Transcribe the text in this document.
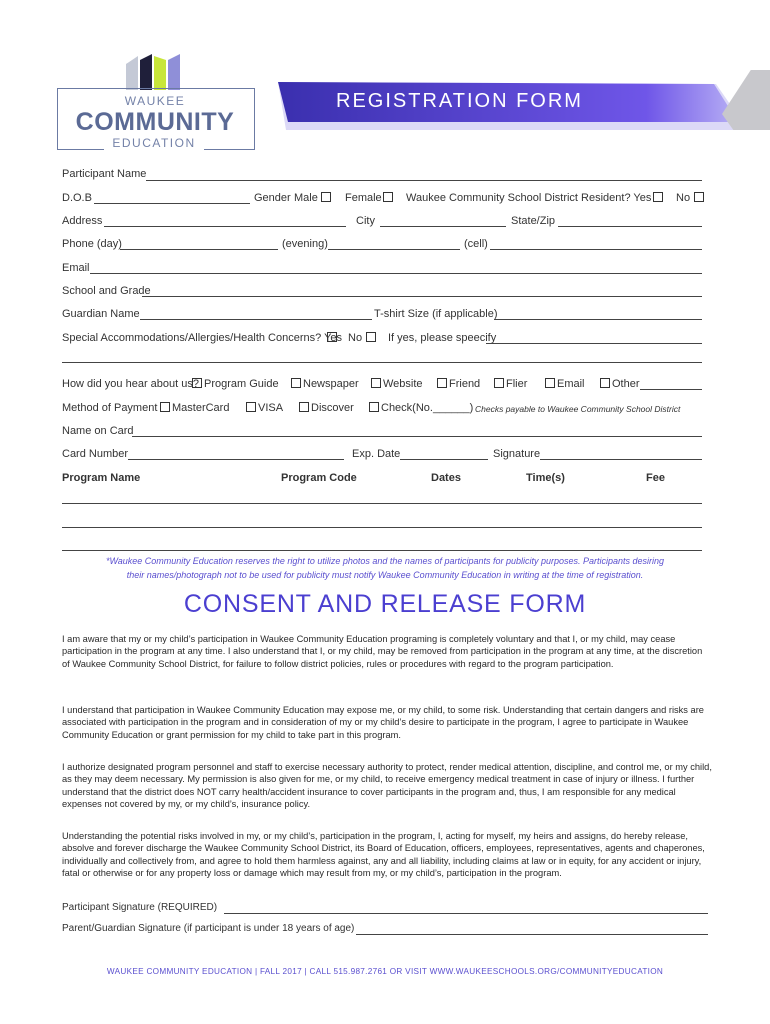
WAUKEE
COMMUNITY
EDUCATION
REGISTRATION FORM
Participant Name
D.O.B	Gender Male Female Waukee Community School District Resident? Yes No
Address	City	State/Zip
Phone (day)	(evening)	(cell)
Email
School and Grade
Guardian Name	T-shirt Size (if applicable)
Special Accommodations/Allergies/Health Concerns? Yes No If yes, please speecify
How did you hear about us? Program Guide	Newspaper	Website	Friend	Flier	Email	Other
Method of Payment	MasterCard	VISA	Discover	Check(No.______) Checks payable to Waukee Community School District
Name on Card
Card Number	Exp. Date	Signature
Program Name	Program Code	Dates	Time(s)	Fee
*Waukee Community Education reserves the right to utilize photos and the names of participants for publicity purposes. Participants desiring
their names/photograph not to be used for publicity must notify Waukee Community Education in writing at the time of registration.
CONSENT AND RELEASE FORM
I am aware that my or my child’s participation in Waukee Community Education programing is completely voluntary and that I, or my child, may cease participation in the program at any time. I also understand that I, or my child, may be removed from participation in the program at any time, at the discretion of Waukee Community School District, for failure to follow district policies, rules or procedures with regard to the program participation.
I understand that participation in Waukee Community Education may expose me, or my child, to some risk. Understanding that certain dangers and risks are associated with participation in the program and in consideration of my or my child’s desire to participate in the program, I agree to participate in Waukee Community Education or grant permission for my child to take part in this program.
I authorize designated program personnel and staff to exercise necessary authority to protect, render medical attention, discipline, and control me, or my child, as they may deem necessary. My permission is also given for me, or my child, to receive emergency medical treatment in case of injury or illness. I further understand that the district does NOT carry health/accident insurance to cover participants in the program and, thus, I am responsible for any medical expenses not covered by my, or my child’s, insurance policy.
Understanding the potential risks involved in my, or my child’s, participation in the program, I, acting for myself, my heirs and assigns, do hereby release, absolve and forever discharge the Waukee Community School District, its Board of Education, officers, employees, representatives, agents and chaperones, individually and collectively from, and agree to hold them harmless against, any and all liability, including claims at law or in equity, for any accident or injury, fatal or otherwise or for any property loss or damage which may result from my, or my child’s, participation in the program.
Participant Signature (REQUIRED)
Parent/Guardian Signature (if participant is under 18 years of age)
WAUKEE COMMUNITY EDUCATION | FALL 2017 | CALL 515.987.2761 OR VISIT WWW.WAUKEESCHOOLS.ORG/COMMUNITYEDUCATION
